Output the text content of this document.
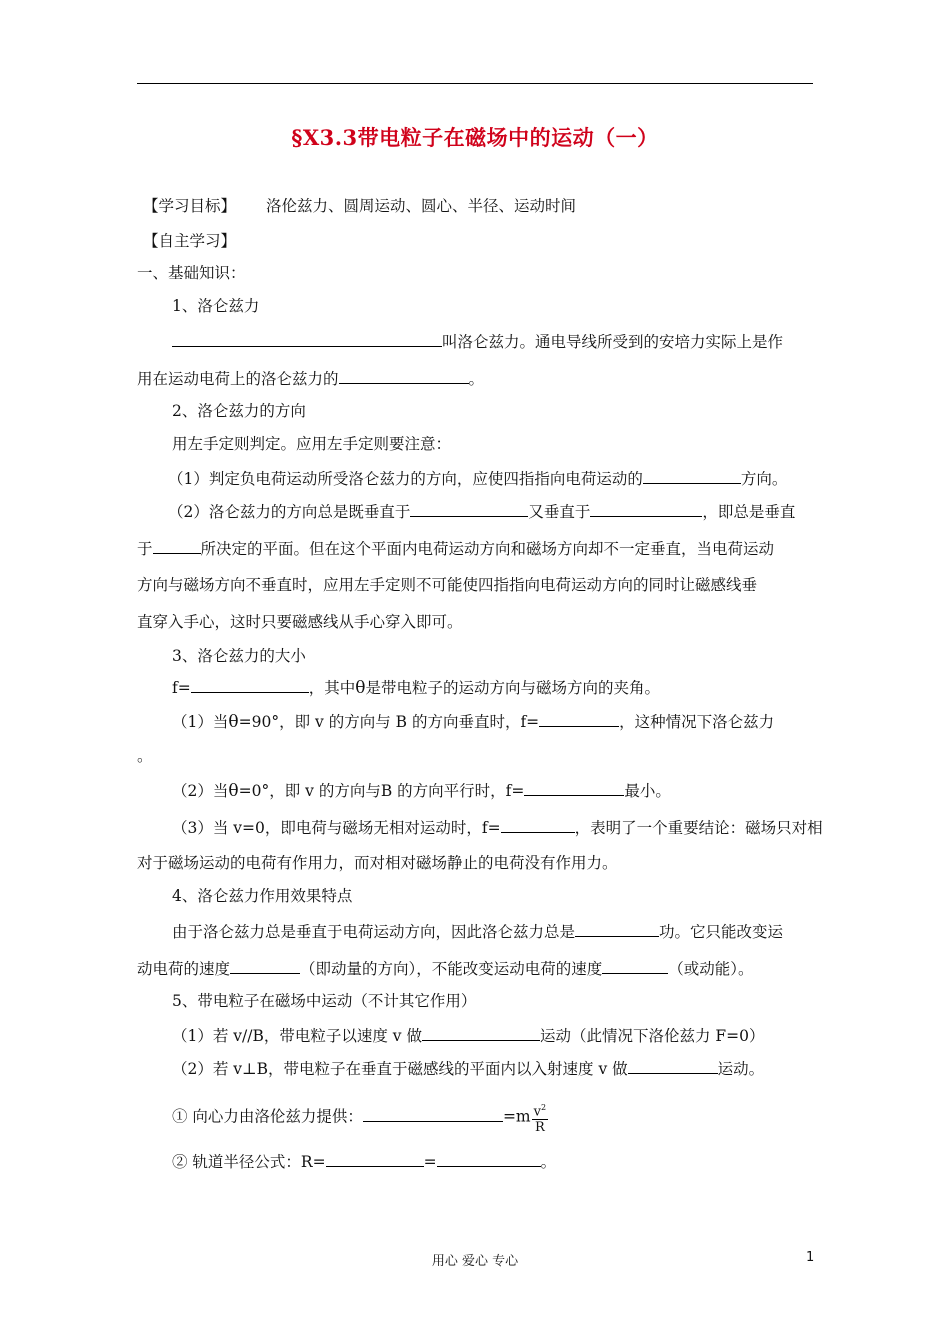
§X3.3带电粒子在磁场中的运动（一）
【学习目标】 洛伦兹力、圆周运动、圆心、半径、运动时间
【自主学习】
一、基础知识：
1、洛仑兹力
叫洛仑兹力。通电导线所受到的安培力实际上是作
用在运动电荷上的洛仑兹力的	。
2、洛仑兹力的方向
用左手定则判定。应用左手定则要注意：
（1）判定负电荷运动所受洛仑兹力的方向，应使四指指向电荷运动的	方向。
（2）洛仑兹力的方向总是既垂直于	又垂直于	，即总是垂直
于	所决定的平面。但在这个平面内电荷运动方向和磁场方向却不一定垂直，当电荷运动
方向与磁场方向不垂直时，应用左手定则不可能使四指指向电荷运动方向的同时让磁感线垂
直穿入手心，这时只要磁感线从手心穿入即可。
3、洛仑兹力的大小
f=	，其中θ是带电粒子的运动方向与磁场方向的夹角。
（1）当θ=90°，即 v 的方向与 B 的方向垂直时，f=	，这种情况下洛仑兹力
。
（2）当θ=0°，即 v 的方向与B 的方向平行时，f=	最小。
（3）当 v=0，即电荷与磁场无相对运动时，f=	，表明了一个重要结论：磁场只对相
对于磁场运动的电荷有作用力，而对相对磁场静止的电荷没有作用力。
4、洛仑兹力作用效果特点
由于洛仑兹力总是垂直于电荷运动方向，因此洛仑兹力总是	功。它只能改变运
动电荷的速度	（即动量的方向），不能改变运动电荷的速度	（或动能）。
5、带电粒子在磁场中运动（不计其它作用）
（1）若 v//B，带电粒子以速度 v 做	运动（此情况下洛伦兹力 F=0）
（2）若 v⊥B，带电粒子在垂直于磁感线的平面内以入射速度 v 做	运动。
① 向心力由洛伦兹力提供：	$=m \frac{v^2}{R}$
② 轨道半径公式：R=	=	。
用心 爱心 专心	1
